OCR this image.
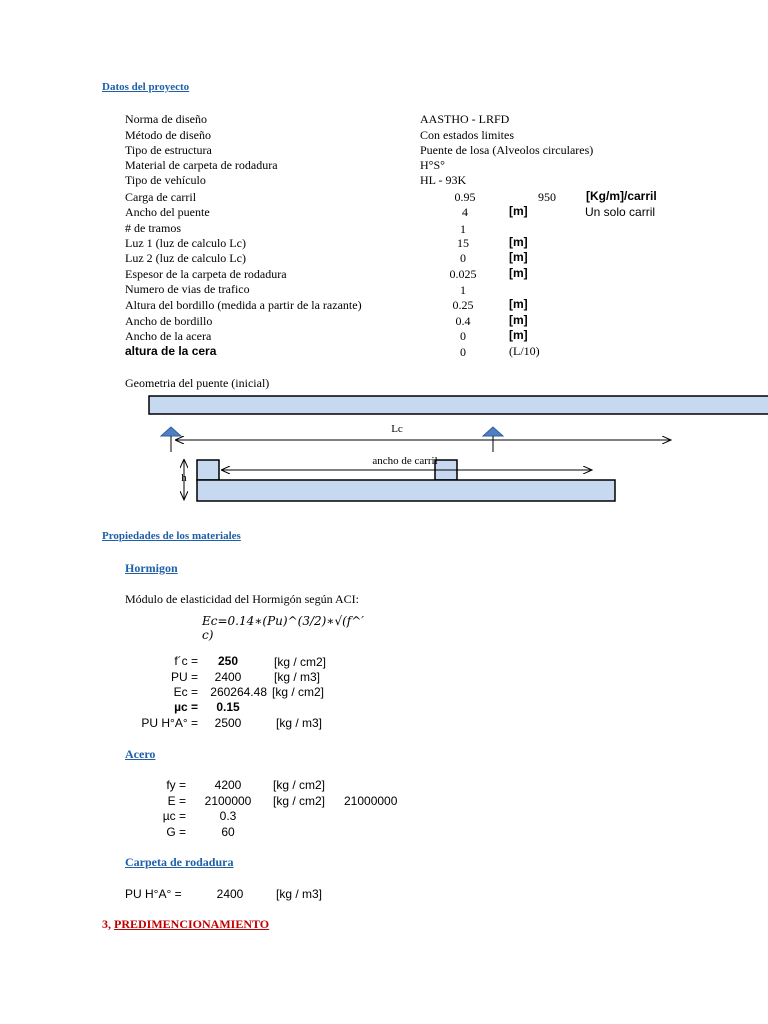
Datos del proyecto
Norma de diseño	AASTHO - LRFD
Método de diseño	Con estados limites
Tipo de estructura	Puente de losa (Alveolos circulares)
Material de carpeta de rodadura	H°S°
Tipo de vehículo	HL - 93K
Carga de carril	0.95	950	[Kg/m]/carril
Ancho del puente	4	[m]	Un solo carril
# de tramos	1
Luz 1 (luz de calculo Lc)	15	[m]
Luz 2 (luz de calculo Lc)	0	[m]
Espesor de la carpeta de rodadura	0.025	[m]
Numero de vias de trafico	1
Altura del bordillo (medida a partir de la razante)	0.25	[m]
Ancho de bordillo	0.4	[m]
Ancho de la acera	0	[m]
altura de la cera	0	(L/10)
Geometria del puente (inicial)
Lc
ancho de carril
h
Propiedades de los materiales
Hormigon
Módulo de elasticidad del Hormigón según ACI:
Ec=0.14∗(Pu)^(3/2)∗√(f^′
c)
f´c =	250	[kg / cm2]
PU =	2400	[kg / m3]
Ec =	260264.48 [kg / cm2]
µc =	0.15
PU H°A° =	2500	[kg / m3]
Acero
fy =	4200	[kg / cm2]
E =	2100000	[kg / cm2] 21000000
µc =	0.3
G =	60
Carpeta de rodadura
PU H°A° =	2400	[kg / m3]
3, PREDIMENCIONAMIENTO
